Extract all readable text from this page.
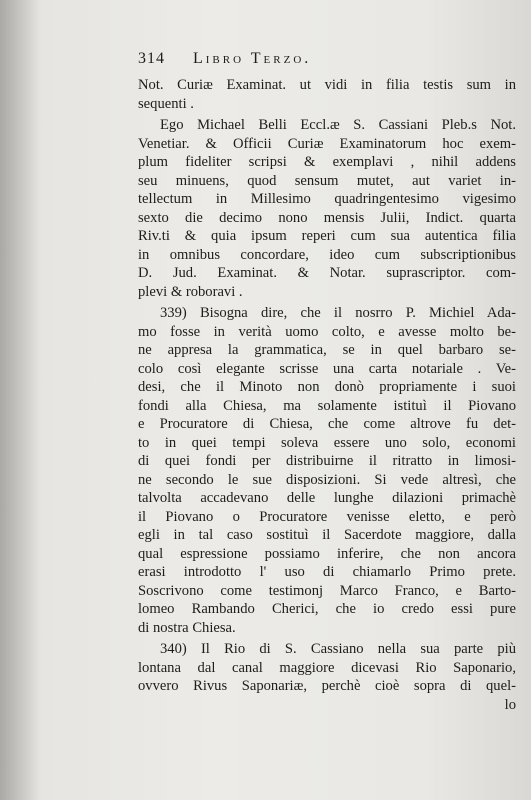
314	Libro Terzo.
Not. Curiæ Examinat. ut vidi in filia testis sum in
sequenti .
Ego Michael Belli Eccl.æ S. Cassiani Pleb.s Not.
Venetiar. & Officii Curiæ Examinatorum hoc exem-
plum fideliter scripsi & exemplavi , nihil addens
seu minuens, quod sensum mutet, aut variet in-
tellectum in Millesimo quadringentesimo vigesimo
sexto die decimo nono mensis Julii, Indict. quarta
Riv.ti & quia ipsum reperi cum sua autentica filia
in omnibus concordare, ideo cum subscriptionibus
D. Jud. Examinat. & Notar. suprascriptor. com-
plevi & roboravi .
339) Bisogna dire, che il nosrro P. Michiel Ada-
mo fosse in verità uomo colto, e avesse molto be-
ne appresa la grammatica, se in quel barbaro se-
colo così elegante scrisse una carta notariale . Ve-
desi, che il Minoto non donò propriamente i suoi
fondi alla Chiesa, ma solamente istituì il Piovano
e Procuratore di Chiesa, che come altrove fu det-
to in quei tempi soleva essere uno solo, economi
di quei fondi per distribuirne il ritratto in limosi-
ne secondo le sue disposizioni. Si vede altresì, che
talvolta accadevano delle lunghe dilazioni primachè
il Piovano o Procuratore venisse eletto, e però
egli in tal caso sostituì il Sacerdote maggiore, dalla
qual espressione possiamo inferire, che non ancora
erasi introdotto l' uso di chiamarlo Primo prete.
Soscrivono come testimonj Marco Franco, e Barto-
lomeo Rambando Cherici, che io credo essi pure
di nostra Chiesa.
340) Il Rio di S. Cassiano nella sua parte più
lontana dal canal maggiore dicevasi Rio Saponario,
ovvero Rivus Saponariæ, perchè cioè sopra di quel-
lo
